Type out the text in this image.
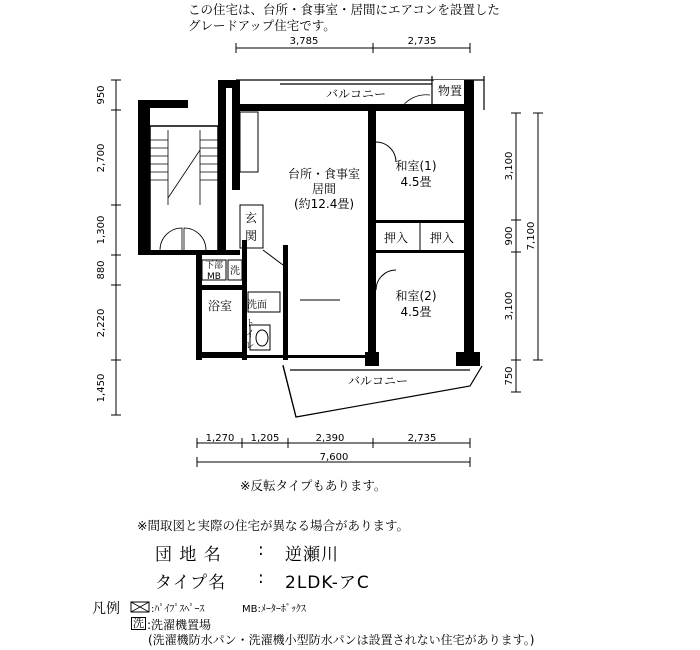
この住宅は、台所・食事室・居間にエアコンを設置した
グレードアップ住宅です。
バルコニー	物置
台所・食事室
居間
(約12.4畳)
和室(1)
4.5畳
押入 押入
和室(2)
4.5畳
玄
関
下部
MB 洗
浴室 洗面
ト
イ
レ
バルコニー
3,785	2,735
950
2,700
1,300
880
2,220
1,450
3,100
900
3,100
750
7,100
1,270 1,205	2,390	2,735
7,600
※反転タイプもあります。
※間取図と実際の住宅が異なる場合があります。
団 地 名 : 逆瀬川
タイプ名 : 2LDK-アC
凡例	:ﾊﾟｲﾌﾟｽﾍﾟｰｽ	MB:ﾒｰﾀｰﾎﾞｯｸｽ
洗 :洗濯機置場
(洗濯機防水パン・洗濯機小型防水パンは設置されない住宅があります。)
